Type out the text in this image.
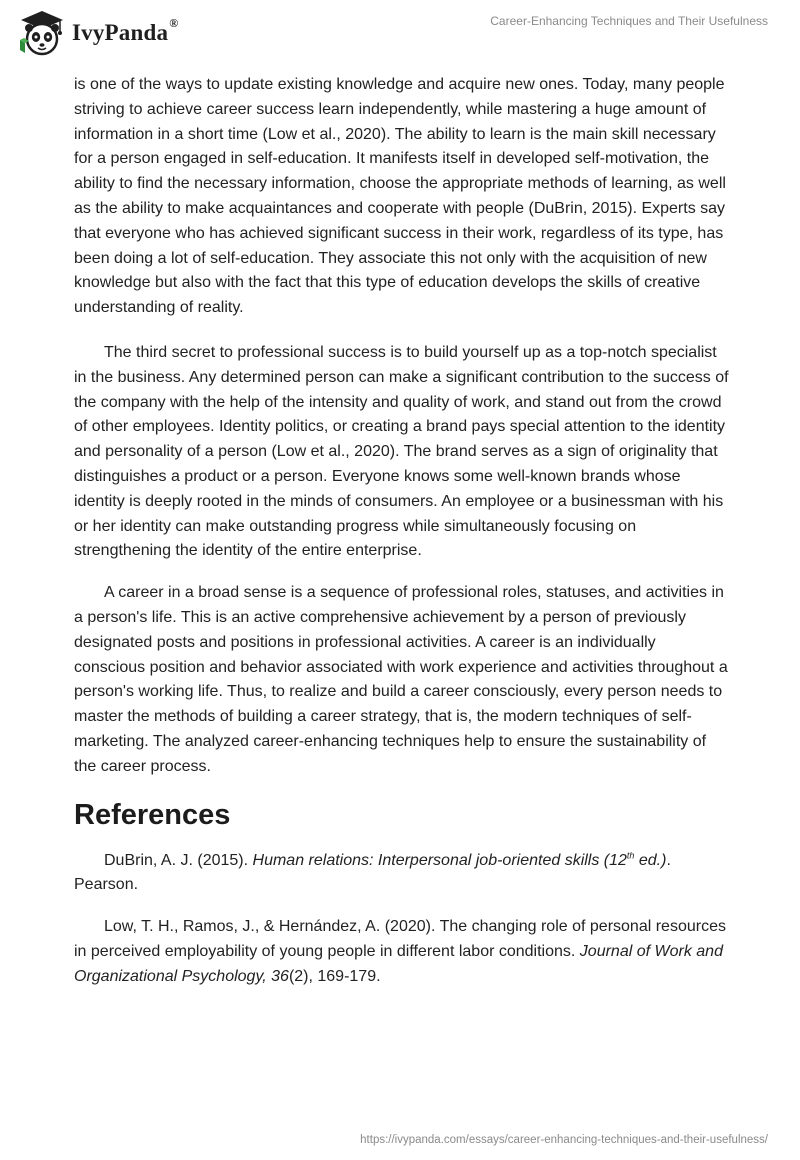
IvyPanda®	Career-Enhancing Techniques and Their Usefulness

is one of the ways to update existing knowledge and acquire new ones. Today, many people striving to achieve career success learn independently, while mastering a huge amount of information in a short time (Low et al., 2020). The ability to learn is the main skill necessary for a person engaged in self-education. It manifests itself in developed self-motivation, the ability to find the necessary information, choose the appropriate methods of learning, as well as the ability to make acquaintances and cooperate with people (DuBrin, 2015). Experts say that everyone who has achieved significant success in their work, regardless of its type, has been doing a lot of self-education. They associate this not only with the acquisition of new knowledge but also with the fact that this type of education develops the skills of creative understanding of reality.

The third secret to professional success is to build yourself up as a top-notch specialist in the business. Any determined person can make a significant contribution to the success of the company with the help of the intensity and quality of work, and stand out from the crowd of other employees. Identity politics, or creating a brand pays special attention to the identity and personality of a person (Low et al., 2020). The brand serves as a sign of originality that distinguishes a product or a person. Everyone knows some well-known brands whose identity is deeply rooted in the minds of consumers. An employee or a businessman with his or her identity can make outstanding progress while simultaneously focusing on strengthening the identity of the entire enterprise.

A career in a broad sense is a sequence of professional roles, statuses, and activities in a person's life. This is an active comprehensive achievement by a person of previously designated posts and positions in professional activities. A career is an individually conscious position and behavior associated with work experience and activities throughout a person's working life. Thus, to realize and build a career consciously, every person needs to master the methods of building a career strategy, that is, the modern techniques of self-marketing. The analyzed career-enhancing techniques help to ensure the sustainability of the career process.

References

DuBrin, A. J. (2015). Human relations: Interpersonal job-oriented skills (12th ed.). Pearson.

Low, T. H., Ramos, J., & Hernández, A. (2020). The changing role of personal resources in perceived employability of young people in different labor conditions. Journal of Work and Organizational Psychology, 36(2), 169-179.

https://ivypanda.com/essays/career-enhancing-techniques-and-their-usefulness/
